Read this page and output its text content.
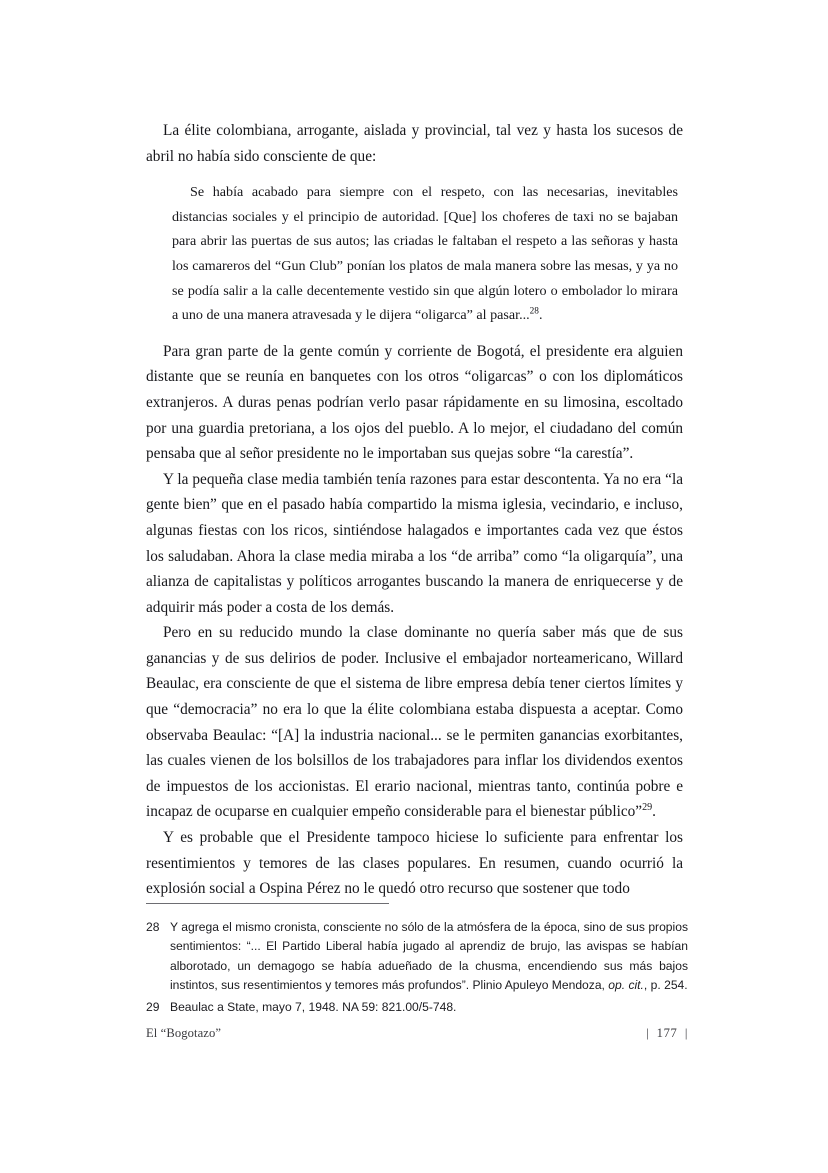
La élite colombiana, arrogante, aislada y provincial, tal vez y hasta los sucesos de abril no había sido consciente de que:

Se había acabado para siempre con el respeto, con las necesarias, inevitables distancias sociales y el principio de autoridad. [Que] los choferes de taxi no se bajaban para abrir las puertas de sus autos; las criadas le faltaban el respeto a las señoras y hasta los camareros del “Gun Club” ponían los platos de mala manera sobre las mesas, y ya no se podía salir a la calle decentemente vestido sin que algún lotero o embolador lo mirara a uno de una manera atravesada y le dijera “oligarca” al pasar...$^{28}$.

Para gran parte de la gente común y corriente de Bogotá, el presidente era alguien distante que se reunía en banquetes con los otros “oligarcas” o con los diplomáticos extranjeros. A duras penas podrían verlo pasar rápidamente en su limosina, escoltado por una guardia pretoriana, a los ojos del pueblo. A lo mejor, el ciudadano del común pensaba que al señor presidente no le importaban sus quejas sobre “la carestía”.

Y la pequeña clase media también tenía razones para estar descontenta. Ya no era “la gente bien” que en el pasado había compartido la misma iglesia, vecindario, e incluso, algunas fiestas con los ricos, sintiéndose halagados e importantes cada vez que éstos los saludaban. Ahora la clase media miraba a los “de arriba” como “la oligarquía”, una alianza de capitalistas y políticos arrogantes buscando la manera de enriquecerse y de adquirir más poder a costa de los demás.

Pero en su reducido mundo la clase dominante no quería saber más que de sus ganancias y de sus delirios de poder. Inclusive el embajador norteamericano, Willard Beaulac, era consciente de que el sistema de libre empresa debía tener ciertos límites y que “democracia” no era lo que la élite colombiana estaba dispuesta a aceptar. Como observaba Beaulac: “[A] la industria nacional... se le permiten ganancias exorbitantes, las cuales vienen de los bolsillos de los trabajadores para inflar los dividendos exentos de impuestos de los accionistas. El erario nacional, mientras tanto, continúa pobre e incapaz de ocuparse en cualquier empeño considerable para el bienestar público”$^{29}$.

Y es probable que el Presidente tampoco hiciese lo suficiente para enfrentar los resentimientos y temores de las clases populares. En resumen, cuando ocurrió la explosión social a Ospina Pérez no le quedó otro recurso que sostener que todo

28 Y agrega el mismo cronista, consciente no sólo de la atmósfera de la época, sino de sus propios sentimientos: “... El Partido Liberal había jugado al aprendiz de brujo, las avispas se habían alborotado, un demagogo se había adueñado de la chusma, encendiendo sus más bajos instintos, sus resentimientos y temores más profundos”. Plinio Apuleyo Mendoza, op. cit., p. 254.
29 Beaulac a State, mayo 7, 1948. NA 59: 821.00/5-748.
El “Bogotazo”	|  177  |
